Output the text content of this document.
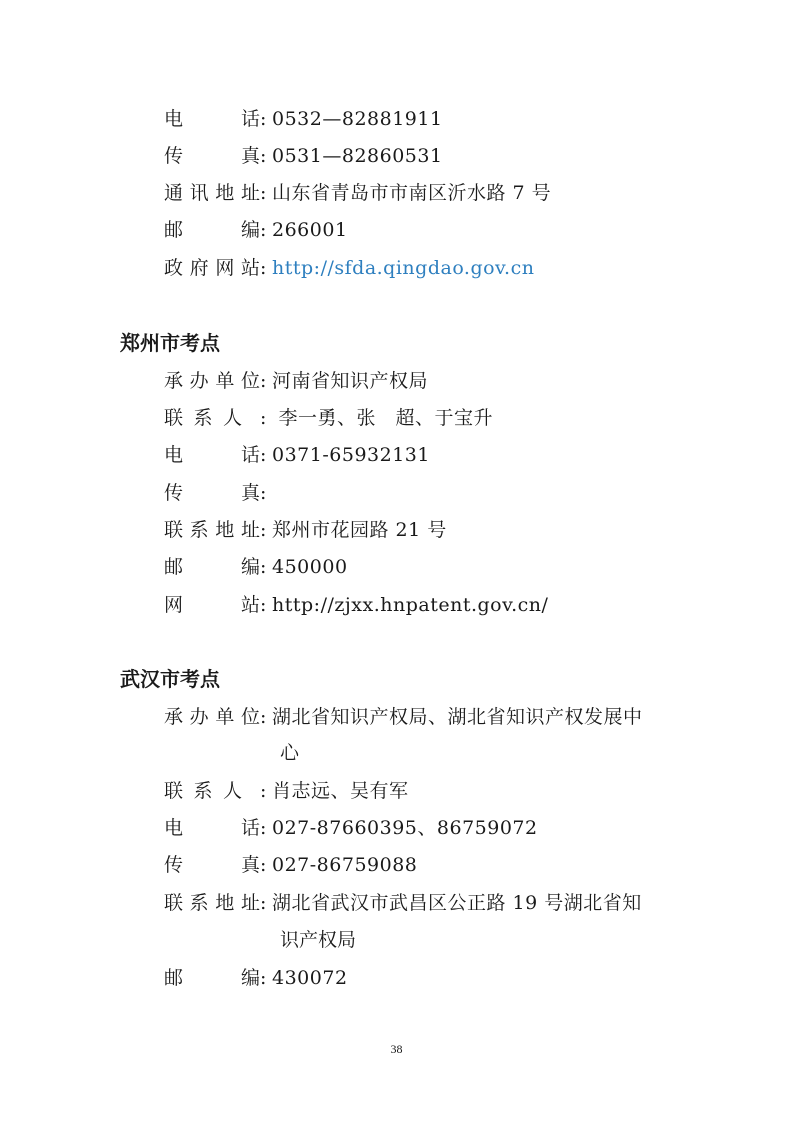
电	话 : 0532—82881911
传	真 : 0531—82860531
通 讯 地 址 : 山东省青岛市市南区沂水路 7 号
邮	编 : 266001
政 府 网 站 : http://sfda.qingdao.gov.cn
郑州市考点
承 办 单 位 : 河南省知识产权局
联 系 人 : 李一勇、张　超、于宝升
电	话 : 0371-65932131
传	真 :
联 系 地 址 : 郑州市花园路 21 号
邮	编 : 450000
网	站 : http://zjxx.hnpatent.gov.cn/
武汉市考点
承 办 单 位 : 湖北省知识产权局、湖北省知识产权发展中
心
联 系 人 : 肖志远、吴有军
电	话 : 027-87660395、86759072
传	真 : 027-86759088
联 系 地 址 : 湖北省武汉市武昌区公正路 19 号湖北省知
识产权局
邮	编 : 430072
38
